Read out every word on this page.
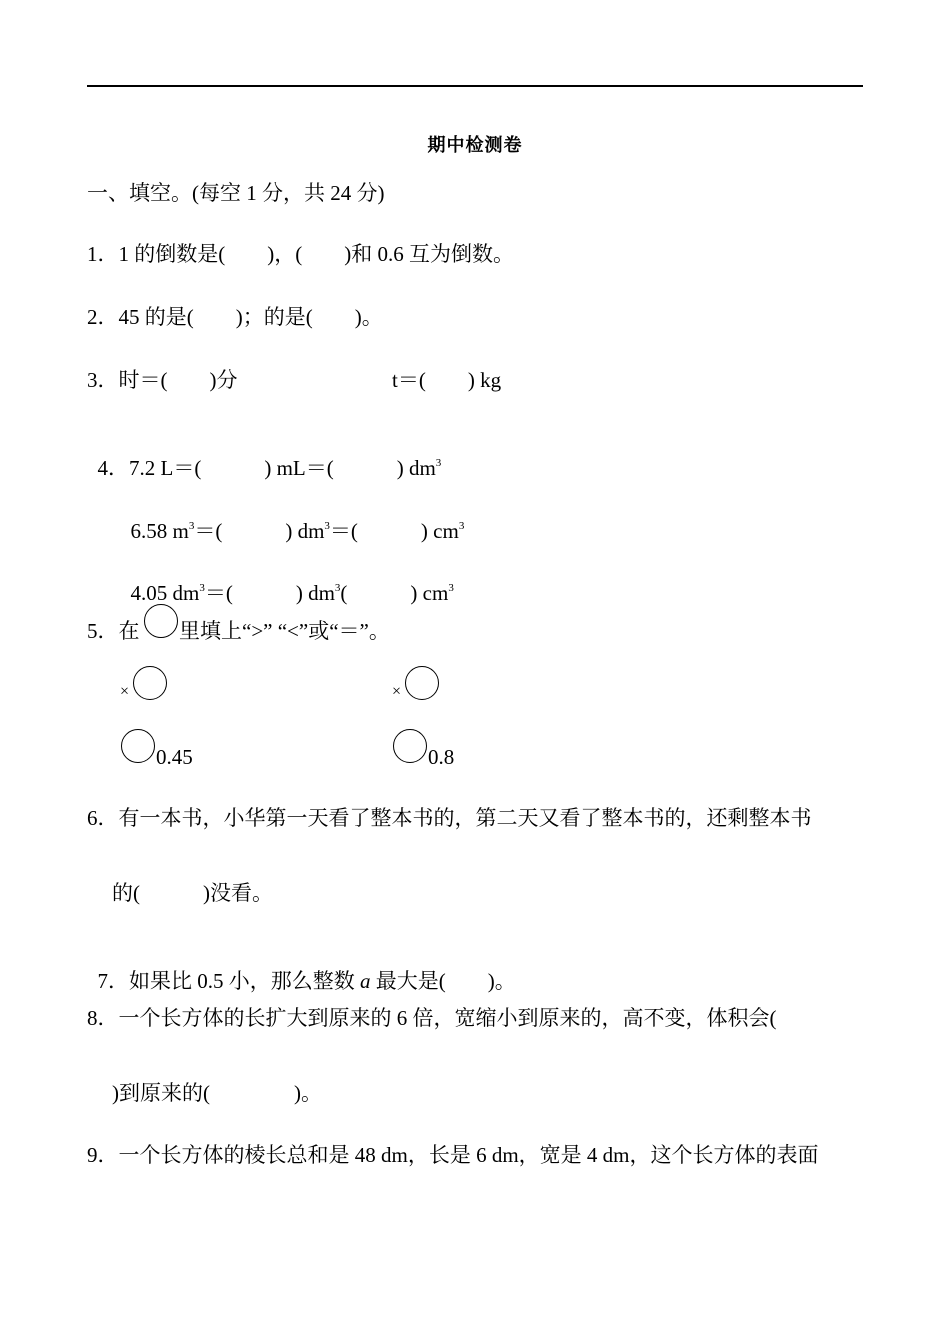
期中检测卷
一、填空。(每空 1 分，共 24 分)
1．1 的倒数是(　　)，(　　)和 0.6 互为倒数。
2．45 的是(　　)；的是(　　)。
3．时＝(　　)分	t＝(　　) kg

4．7.2 L＝(　　　) mL＝(　　　) $dm^3$

6.58 $m^3=$(　　　) $dm^3=$(　　　) $cm^3$

4.05 $dm^3=$(　　　) $dm^3$(　　　) $cm^3$

5．在 里填上“>” “<”或“＝”。
×	×
0.45	0.8
6．有一本书，小华第一天看了整本书的，第二天又看了整本书的，还剩整本书
的(　　　)没看。

7．如果比 0.5 小，那么整数 a 最大是(　　)。

8．一个长方体的长扩大到原来的 6 倍，宽缩小到原来的，高不变，体积会(
)到原来的(　　　　)。
9．一个长方体的棱长总和是 48 dm，长是 6 dm，宽是 4 dm，这个长方体的表面
